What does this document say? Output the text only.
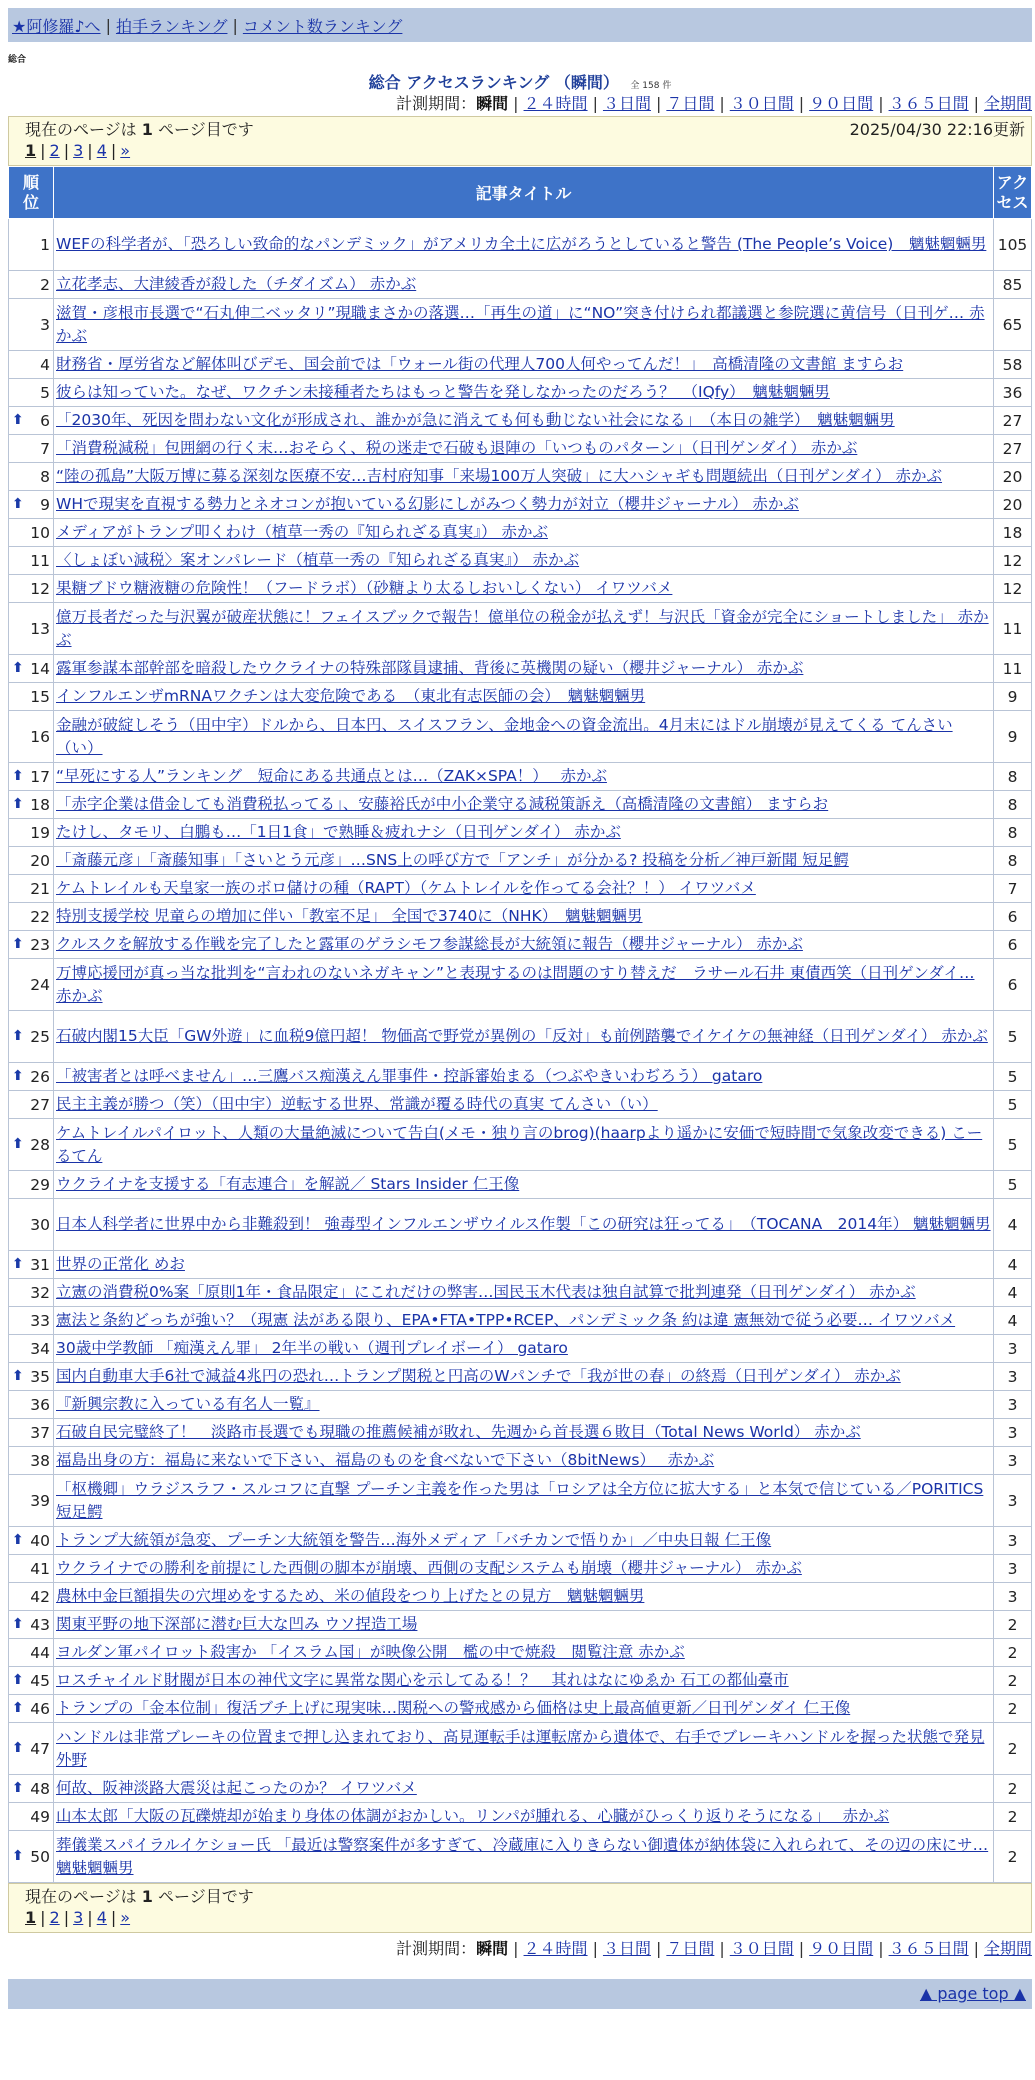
★阿修羅♪へ | 拍手ランキング | コメント数ランキング
総合
総合 アクセスランキング （瞬間） 全 158 件
計測期間：瞬間 | ２４時間 | ３日間 | ７日間 | ３０日間 | ９０日間 | ３６５日間 | 全期間
現在のページは 1 ページ目です	2025/04/30 22:16更新
1 | 2 | 3 | 4 | »
順位	記事タイトル	アクセス
1	WEFの科学者が、「恐ろしい致命的なパンデミック」がアメリカ全土に広がろうとしていると警告 (The People’s Voice)　魑魅魍魎男	105
2	立花孝志、大津綾香が殺した（チダイズム） 赤かぶ	85
3	滋賀・彦根市長選で“石丸伸二ベッタリ”現職まさかの落選…「再生の道」に“NO”突き付けられ都議選と参院選に黄信号（日刊ゲ… 赤かぶ	65
4	財務省・厚労省など解体叫びデモ、国会前では「ウォール街の代理人700人何やってんだ！」　高橋清隆の文書館 ますらお	58
5	彼らは知っていた。なぜ、ワクチン未接種者たちはもっと警告を発しなかったのだろう？　（IQfy）　魑魅魍魎男	36

⬆ 6	「2030年、死因を問わない文化が形成され、誰かが急に消えても何も動じない社会になる」　（本日の雑学）　魑魅魍魎男	27
7	「消費税減税」包囲網の行く末…おそらく、税の迷走で石破も退陣の「いつものパターン」（日刊ゲンダイ） 赤かぶ	27
8	“陸の孤島”大阪万博に募る深刻な医療不安…吉村府知事「来場100万人突破」に大ハシャギも問題続出（日刊ゲンダイ） 赤かぶ	20

⬆ 9	WHで現実を直視する勢力とネオコンが抱いている幻影にしがみつく勢力が対立（櫻井ジャーナル） 赤かぶ	20
10	メディアがトランプ叩くわけ（植草一秀の『知られざる真実』） 赤かぶ	18
11	〈しょぼい減税〉案オンパレード（植草一秀の『知られざる真実』） 赤かぶ	12
12	果糖ブドウ糖液糖の危険性！（フードラボ）（砂糖より太るしおいしくない） イワツバメ	12
13	億万長者だった与沢翼が破産状態に！フェイスブックで報告！億単位の税金が払えず！与沢氏「資金が完全にショートしました」 赤かぶ	11

⬆ 14	露軍参謀本部幹部を暗殺したウクライナの特殊部隊員逮捕、背後に英機関の疑い（櫻井ジャーナル） 赤かぶ	11
15	インフルエンザmRNAワクチンは大変危険である　（東北有志医師の会）　魑魅魍魎男	9
16	金融が破綻しそう（田中宇）ドルから、日本円、スイスフラン、金地金への資金流出。4月末にはドル崩壊が見えてくる てんさい（い）	9

⬆ 17	“早死にする人”ランキング　短命にある共通点とは…（ZAK×SPA！）　 赤かぶ	8

⬆ 18	「赤字企業は借金しても消費税払ってる」、安藤裕氏が中小企業守る減税策訴え（高橋清隆の文書館） ますらお	8
19	たけし、タモリ、白鵬も…「1日1食」で熟睡＆疲れナシ（日刊ゲンダイ） 赤かぶ	8
20	「斎藤元彦」「斎藤知事」「さいとう元彦」…SNS上の呼び方で「アンチ」が分かる? 投稿を分析／神戸新聞 短足鰐	8
21	ケムトレイルも天皇家一族のボロ儲けの種（RAPT）（ケムトレイルを作ってる会社？！） イワツバメ	7
22	特別支援学校 児童らの増加に伴い「教室不足」 全国で3740に（NHK）　魑魅魍魎男	6

⬆ 23	クルスクを解放する作戦を完了したと露軍のゲラシモフ参謀総長が大統領に報告（櫻井ジャーナル） 赤かぶ	6
24	万博応援団が真っ当な批判を“言われのないネガキャン”と表現するのは問題のすり替えだ　ラサール石井 東債西笑（日刊ゲンダイ… 赤かぶ	6

⬆ 25	石破内閣15大臣「GW外遊」に血税9億円超！ 物価高で野党が異例の「反対」も前例踏襲でイケイケの無神経（日刊ゲンダイ） 赤かぶ	5

⬆ 26	「被害者とは呼べません」…三鷹バス痴漢えん罪事件・控訴審始まる（つぶやきいわぢろう） gataro	5
27	民主主義が勝つ（笑）（田中宇）逆転する世界、常識が覆る時代の真実 てんさい（い）	5

⬆ 28	ケムトレイルパイロット、人類の大量絶滅について告白(メモ・独り言のbrog)(haarpより遥かに安価で短時間で気象改変できる) こーるてん	5
29	ウクライナを支援する「有志連合」を解説／ Stars Insider 仁王像	5
30	日本人科学者に世界中から非難殺到！ 強毒型インフルエンザウイルス作製「この研究は狂ってる」　（TOCANA　2014年） 魑魅魍魎男	4

⬆ 31	世界の正常化 めお	4
32	立憲の消費税0%案「原則1年・食品限定」にこれだけの弊害…国民玉木代表は独自試算で批判連発（日刊ゲンダイ） 赤かぶ	4
33	憲法と条約どっちが強い？（現憲 法がある限り、EPA•FTA•TPP•RCEP、パンデミック条 約は違 憲無効で従う必要… イワツバメ	4
34	30歳中学教師 「痴漢えん罪」 2年半の戦い（週刊プレイボーイ） gataro	3

⬆ 35	国内自動車大手6社で減益4兆円の恐れ…トランプ関税と円高のWパンチで「我が世の春」の終焉（日刊ゲンダイ） 赤かぶ	3
36	『新興宗教に入っている有名人一覧』	3
37	石破自民完璧終了！　淡路市長選でも現職の推薦候補が敗れ、先週から首長選６敗目（Total News World） 赤かぶ	3
38	福島出身の方：福島に来ないで下さい、福島のものを食べないで下さい（8bitNews）　 赤かぶ	3
39	「枢機卿」ウラジスラフ・スルコフに直撃 プーチン主義を作った男は「ロシアは全方位に拡大する」と本気で信じている／PORITICS 短足鰐	3

⬆ 40	トランプ大統領が急変、プーチン大統領を警告…海外メディア「バチカンで悟りか」／中央日報 仁王像	3
41	ウクライナでの勝利を前提にした西側の脚本が崩壊、西側の支配システムも崩壊（櫻井ジャーナル） 赤かぶ	3
42	農林中金巨額損失の穴埋めをするため、米の値段をつり上げたとの見方　魑魅魍魎男	3

⬆ 43	関東平野の地下深部に潜む巨大な凹み ウソ捏造工場	2
44	ヨルダン軍パイロット殺害か 「イスラム国」が映像公開　檻の中で焼殺　閲覧注意 赤かぶ	2

⬆ 45	ロスチャイルド財閥が日本の神代文字に異常な関心を示してゐる！？　其れはなにゆゑか 石工の都仙臺市	2

⬆ 46	トランプの「金本位制」復活ブチ上げに現実味…関税への警戒感から価格は史上最高値更新／日刊ゲンダイ 仁王像	2

⬆ 47	ハンドルは非常ブレーキの位置まで押し込まれており、高見運転手は運転席から遺体で、右手でブレーキハンドルを握った状態で発見 外野	2

⬆ 48	何故、阪神淡路大震災は起こったのか？ イワツバメ	2
49	山本太郎「大阪の瓦礫焼却が始まり身体の体調がおかしい。リンパが腫れる、心臓がひっくり返りそうになる」　 赤かぶ	2

⬆ 50	葬儀業スパイラルイケショー氏 「最近は警察案件が多すぎて、冷蔵庫に入りきらない御遺体が納体袋に入れられて、その辺の床にサ… 魑魅魍魎男	2
現在のページは 1 ページ目です
1 | 2 | 3 | 4 | »
計測期間：瞬間 | ２４時間 | ３日間 | ７日間 | ３０日間 | ９０日間 | ３６５日間 | 全期間
▲ page top ▲
